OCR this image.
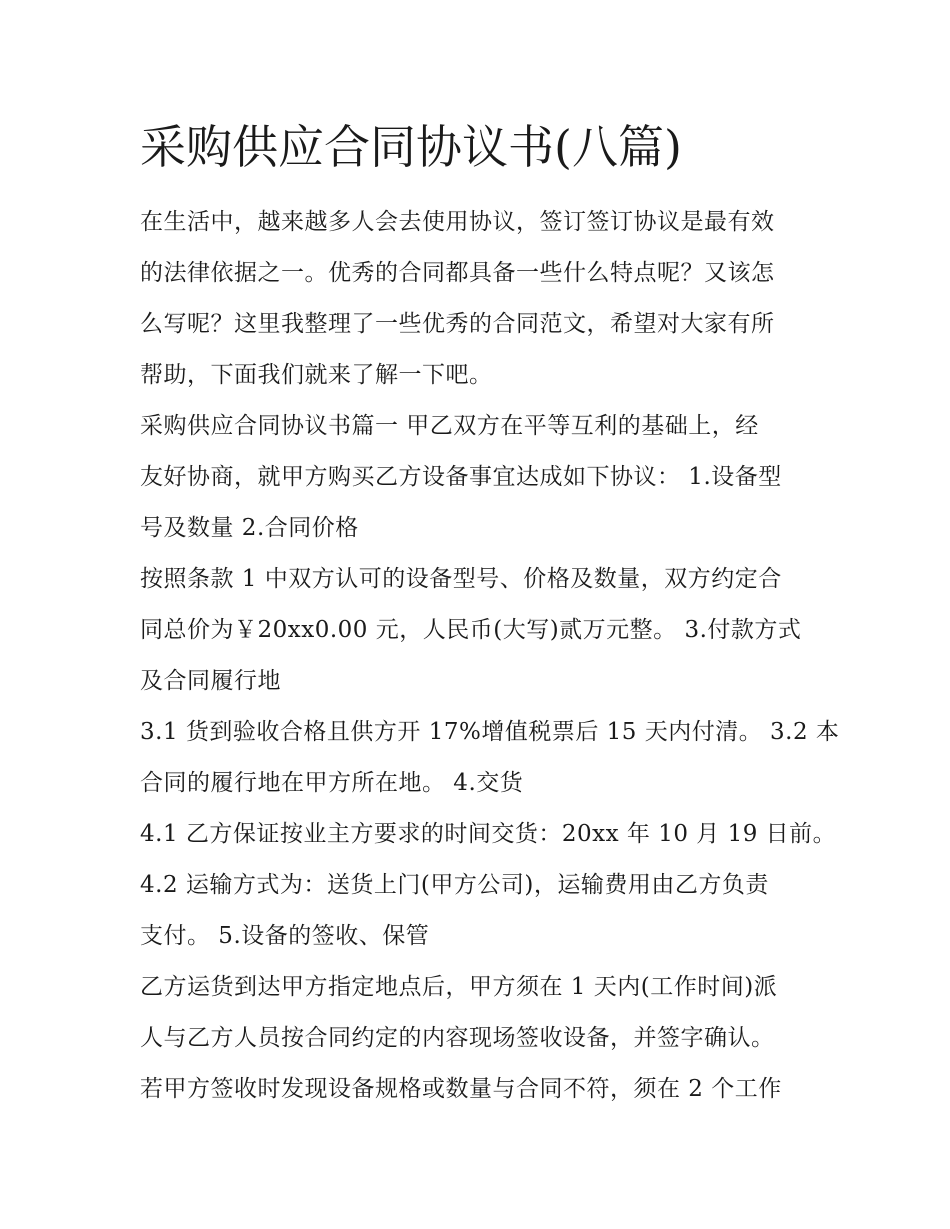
采购供应合同协议书(八篇)

在生活中，越来越多人会去使用协议，签订签订协议是最有效

的法律依据之一。优秀的合同都具备一些什么特点呢？又该怎

么写呢？这里我整理了一些优秀的合同范文，希望对大家有所

帮助，下面我们就来了解一下吧。

采购供应合同协议书篇一 甲乙双方在平等互利的基础上，经

友好协商，就甲方购买乙方设备事宜达成如下协议： 1.设备型

号及数量 2.合同价格

按照条款 1 中双方认可的设备型号、价格及数量，双方约定合

同总价为￥20xx0.00 元，人民币(大写)贰万元整。 3.付款方式

及合同履行地

3.1 货到验收合格且供方开 17%增值税票后 15 天内付清。 3.2 本

合同的履行地在甲方所在地。 4.交货

4.1 乙方保证按业主方要求的时间交货：20xx 年 10 月 19 日前。

4.2 运输方式为：送货上门(甲方公司)，运输费用由乙方负责

支付。 5.设备的签收、保管

乙方运货到达甲方指定地点后，甲方须在 1 天内(工作时间)派

人与乙方人员按合同约定的内容现场签收设备，并签字确认。

若甲方签收时发现设备规格或数量与合同不符，须在 2 个工作
